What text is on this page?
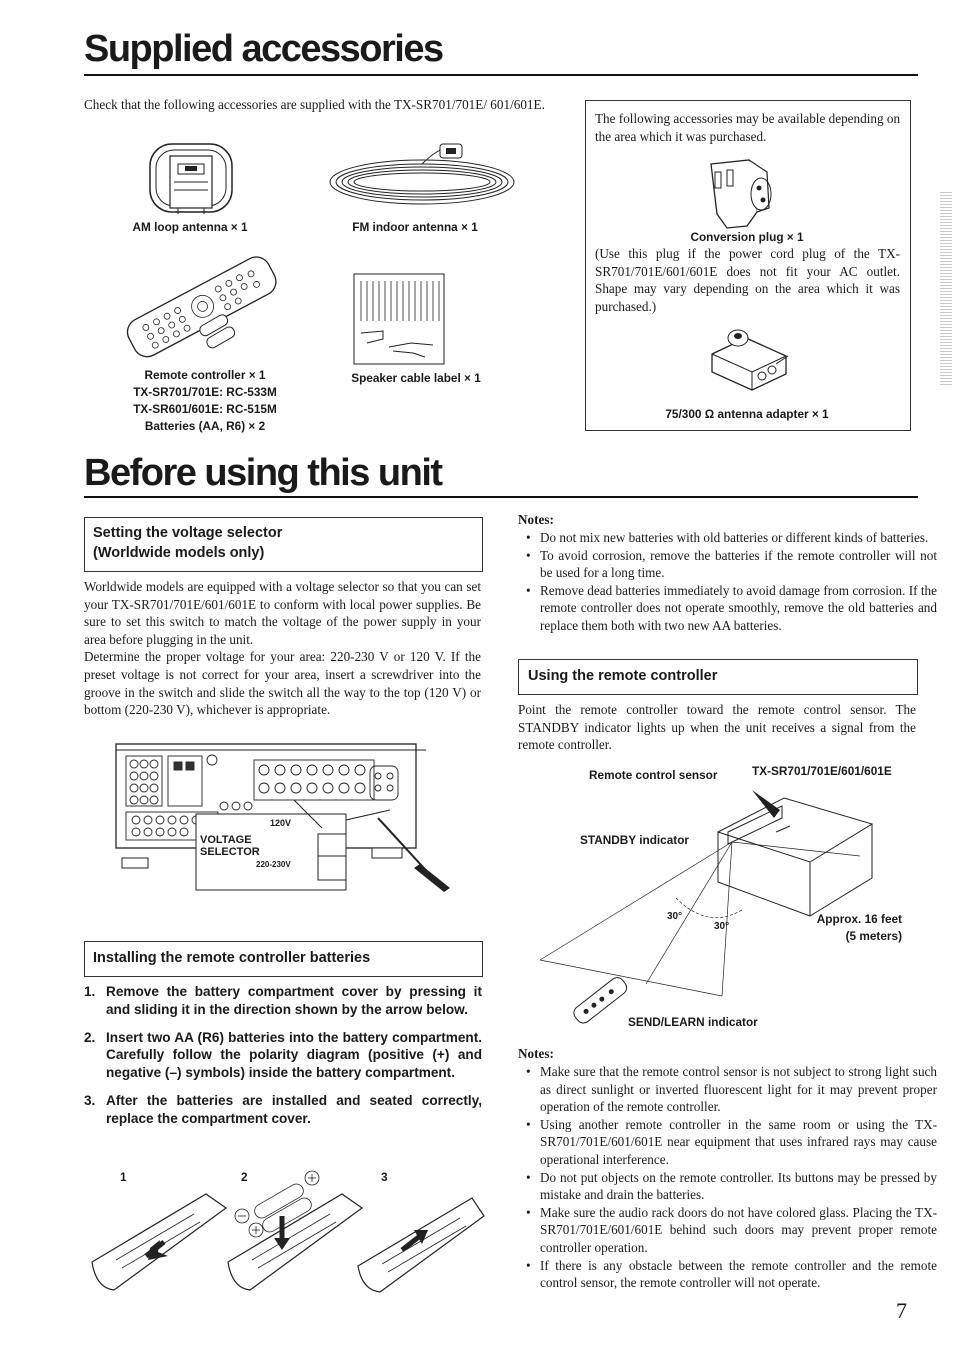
Supplied accessories
Check that the following accessories are supplied with the TX-SR701/701E/ 601/601E.
AM loop antenna × 1	FM indoor antenna × 1
Remote controller × 1
TX-SR701/701E: RC-533M
TX-SR601/601E: RC-515M
Batteries (AA, R6) × 2
Speaker cable label × 1
The following accessories may be available depending on the area which it was purchased.
Conversion plug × 1
(Use this plug if the power cord plug of the TX-SR701/701E/601/601E does not fit your AC outlet. Shape may vary depending on the area which it was purchased.)
75/300 Ω antenna adapter × 1
Before using this unit
Setting the voltage selector
(Worldwide models only)
Worldwide models are equipped with a voltage selector so that you can set your TX-SR701/701E/601/601E to conform with local power supplies. Be sure to set this switch to match the voltage of the power supply in your area before plugging in the unit.
Determine the proper voltage for your area: 220-230 V or 120 V. If the preset voltage is not correct for your area, insert a screwdriver into the groove in the switch and slide the switch all the way to the top (120 V) or bottom (220-230 V), whichever is appropriate.
120V
VOLTAGE
SELECTOR
220-230V
Installing the remote controller batteries
1. Remove the battery compartment cover by pressing it and sliding it in the direction shown by the arrow below.
2. Insert two AA (R6) batteries into the battery compartment. Carefully follow the polarity diagram (positive (+) and negative (–) symbols) inside the battery compartment.
3. After the batteries are installed and seated correctly, replace the compartment cover.
1	2	3
Notes:
• Do not mix new batteries with old batteries or different kinds of batteries.
• To avoid corrosion, remove the batteries if the remote controller will not be used for a long time.
• Remove dead batteries immediately to avoid damage from corrosion. If the remote controller does not operate smoothly, remove the old batteries and replace them both with two new AA batteries.
Using the remote controller
Point the remote controller toward the remote control sensor. The STANDBY indicator lights up when the unit receives a signal from the remote controller.
Remote control sensor	TX-SR701/701E/601/601E
STANDBY indicator
30°
30°
Approx. 16 feet
(5 meters)
SEND/LEARN indicator
Notes:
• Make sure that the remote control sensor is not subject to strong light such as direct sunlight or inverted fluorescent light for it may prevent proper operation of the remote controller.
• Using another remote controller in the same room or using the TX-SR701/701E/601/601E near equipment that uses infrared rays may cause operational interference.
• Do not put objects on the remote controller. Its buttons may be pressed by mistake and drain the batteries.
• Make sure the audio rack doors do not have colored glass. Placing the TX-SR701/701E/601/601E behind such doors may prevent proper remote controller operation.
• If there is any obstacle between the remote controller and the remote control sensor, the remote controller will not operate.
7
